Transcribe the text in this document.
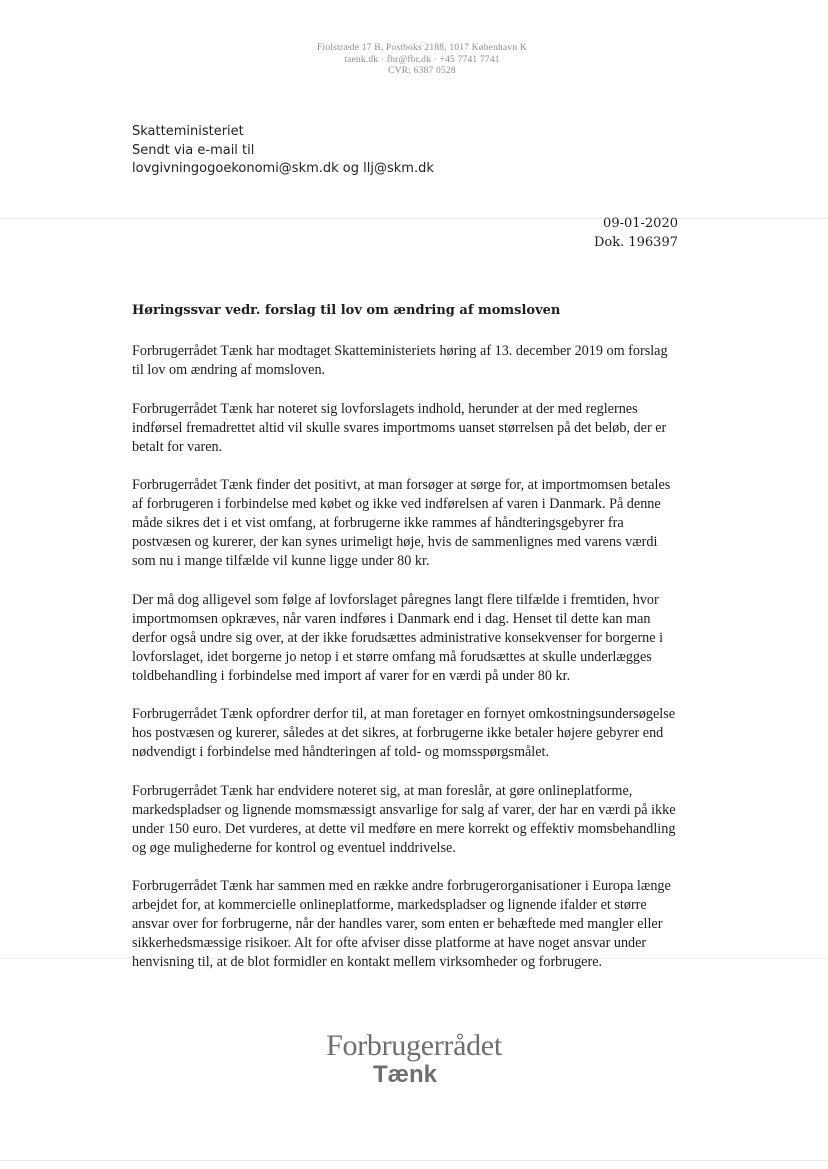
Fiolstræde 17 B, Postboks 2188, 1017 København K
taenk.dk · fbr@fbr.dk · +45 7741 7741
CVR: 6387 0528
Skatteministeriet
Sendt via e-mail til
lovgivningogoekonomi@skm.dk og llj@skm.dk
09-01-2020
Dok. 196397
Høringssvar vedr. forslag til lov om ændring af momsloven

Forbrugerrådet Tænk har modtaget Skatteministeriets høring af 13. december 2019 om forslag til lov om ændring af momsloven.

Forbrugerrådet Tænk har noteret sig lovforslagets indhold, herunder at der med reglernes indførsel fremadrettet altid vil skulle svares importmoms uanset størrelsen på det beløb, der er betalt for varen.

Forbrugerrådet Tænk finder det positivt, at man forsøger at sørge for, at importmomsen betales af forbrugeren i forbindelse med købet og ikke ved indførelsen af varen i Danmark. På denne måde sikres det i et vist omfang, at forbrugerne ikke rammes af håndteringsgebyrer fra postvæsen og kurerer, der kan synes urimeligt høje, hvis de sammenlignes med varens værdi som nu i mange tilfælde vil kunne ligge under 80 kr.

Der må dog alligevel som følge af lovforslaget påregnes langt flere tilfælde i fremtiden, hvor importmomsen opkræves, når varen indføres i Danmark end i dag. Henset til dette kan man derfor også undre sig over, at der ikke forudsættes administrative konsekvenser for borgerne i lovforslaget, idet borgerne jo netop i et større omfang må forudsættes at skulle underlægges toldbehandling i forbindelse med import af varer for en værdi på under 80 kr.

Forbrugerrådet Tænk opfordrer derfor til, at man foretager en fornyet omkostningsundersøgelse hos postvæsen og kurerer, således at det sikres, at forbrugerne ikke betaler højere gebyrer end nødvendigt i forbindelse med håndteringen af told- og momsspørgsmålet.

Forbrugerrådet Tænk har endvidere noteret sig, at man foreslår, at gøre onlineplatforme, markedspladser og lignende momsmæssigt ansvarlige for salg af varer, der har en værdi på ikke under 150 euro. Det vurderes, at dette vil medføre en mere korrekt og effektiv momsbehandling og øge mulighederne for kontrol og eventuel inddrivelse.

Forbrugerrådet Tænk har sammen med en række andre forbrugerorganisationer i Europa længe arbejdet for, at kommercielle onlineplatforme, markedspladser og lignende ifalder et større ansvar over for forbrugerne, når der handles varer, som enten er behæftede med mangler eller sikkerhedsmæssige risikoer. Alt for ofte afviser disse platforme at have noget ansvar under henvisning til, at de blot formidler en kontakt mellem virksomheder og forbrugere.

Forbrugerrådet
Tænk
